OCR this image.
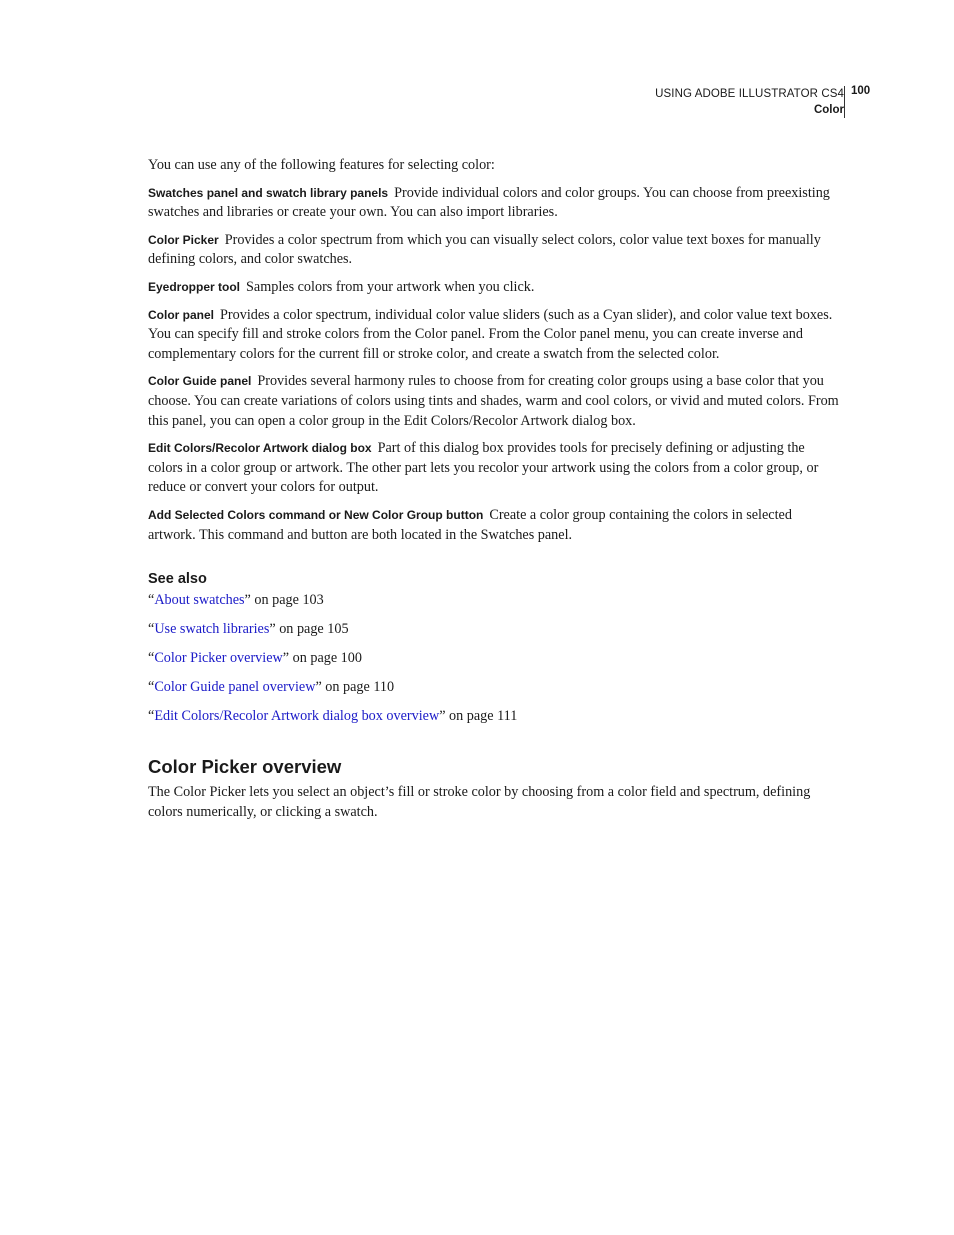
USING ADOBE ILLUSTRATOR CS4
Color
100

You can use any of the following features for selecting color:

Swatches panel and swatch library panels Provide individual colors and color groups. You can choose from preexisting swatches and libraries or create your own. You can also import libraries.

Color Picker Provides a color spectrum from which you can visually select colors, color value text boxes for manually defining colors, and color swatches.

Eyedropper tool Samples colors from your artwork when you click.

Color panel Provides a color spectrum, individual color value sliders (such as a Cyan slider), and color value text boxes. You can specify fill and stroke colors from the Color panel. From the Color panel menu, you can create inverse and complementary colors for the current fill or stroke color, and create a swatch from the selected color.

Color Guide panel Provides several harmony rules to choose from for creating color groups using a base color that you choose. You can create variations of colors using tints and shades, warm and cool colors, or vivid and muted colors. From this panel, you can open a color group in the Edit Colors/Recolor Artwork dialog box.

Edit Colors/Recolor Artwork dialog box Part of this dialog box provides tools for precisely defining or adjusting the colors in a color group or artwork. The other part lets you recolor your artwork using the colors from a color group, or reduce or convert your colors for output.

Add Selected Colors command or New Color Group button Create a color group containing the colors in selected artwork. This command and button are both located in the Swatches panel.

See also

“About swatches” on page 103

“Use swatch libraries” on page 105

“Color Picker overview” on page 100

“Color Guide panel overview” on page 110

“Edit Colors/Recolor Artwork dialog box overview” on page 111

Color Picker overview

The Color Picker lets you select an object’s fill or stroke color by choosing from a color field and spectrum, defining colors numerically, or clicking a swatch.
